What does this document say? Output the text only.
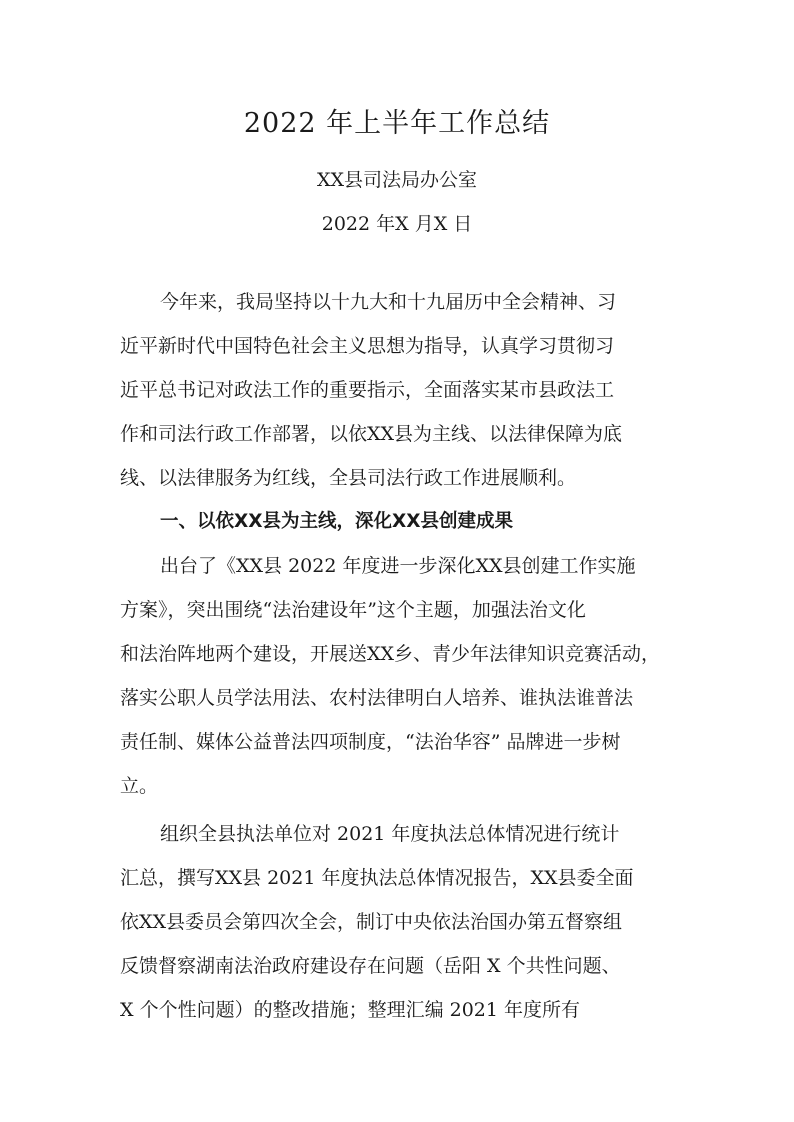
2022 年上半年工作总结
XX县司法局办公室
2022 年X 月X 日
今年来，我局坚持以十九大和十九届历中全会精神、习
近平新时代中国特色社会主义思想为指导，认真学习贯彻习
近平总书记对政法工作的重要指示，全面落实某市县政法工
作和司法行政工作部署，以依XX县为主线、以法律保障为底
线、以法律服务为红线，全县司法行政工作进展顺利。
一、以依XX县为主线，深化XX县创建成果
出台了《XX县 2022 年度进一步深化XX县创建工作实施
方案》，突出围绕“法治建设年”这个主题，加强法治文化
和法治阵地两个建设，开展送XX乡、青少年法律知识竞赛活动，
落实公职人员学法用法、农村法律明白人培养、谁执法谁普法
责任制、媒体公益普法四项制度，“法治华容” 品牌进一步树
立。
组织全县执法单位对 2021 年度执法总体情况进行统计
汇总，撰写XX县 2021 年度执法总体情况报告，XX县委全面
依XX县委员会第四次全会，制订中央依法治国办第五督察组
反馈督察湖南法治政府建设存在问题（岳阳 X 个共性问题、
X 个个性问题）的整改措施；整理汇编 2021 年度所有
